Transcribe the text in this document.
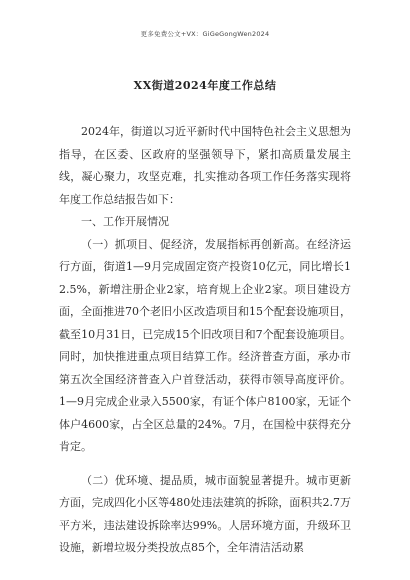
更多免费公文+VX：GiGeGongWen2024
XX街道2024年度工作总结

2024年，街道以习近平新时代中国特色社会主义思想为指导，在区委、区政府的坚强领导下，紧扣高质量发展主线，凝心聚力，攻坚克难，扎实推动各项工作任务落实现将年度工作总结报告如下：

一、工作开展情况

（一）抓项目、促经济，发展指标再创新高。在经济运行方面，街道1—9月完成固定资产投资10亿元，同比增长12.5%，新增注册企业2家，培育规上企业2家。项目建设方面，全面推进70个老旧小区改造项目和15个配套设施项目，截至10月31日，已完成15个旧改项目和7个配套设施项目。同时，加快推进重点项目结算工作。经济普查方面，承办市第五次全国经济普查入户首登活动，获得市领导高度评价。1—9月完成企业录入5500家，有证个体户8100家，无证个体户4600家，占全区总量的24%。7月，在国检中获得充分肯定。

（二）优环境、提品质，城市面貌显著提升。城市更新方面，完成四化小区等480处违法建筑的拆除，面积共2.7万平方米，违法建设拆除率达99%。人居环境方面，升级环卫设施，新增垃圾分类投放点85个，全年清洁活动累
